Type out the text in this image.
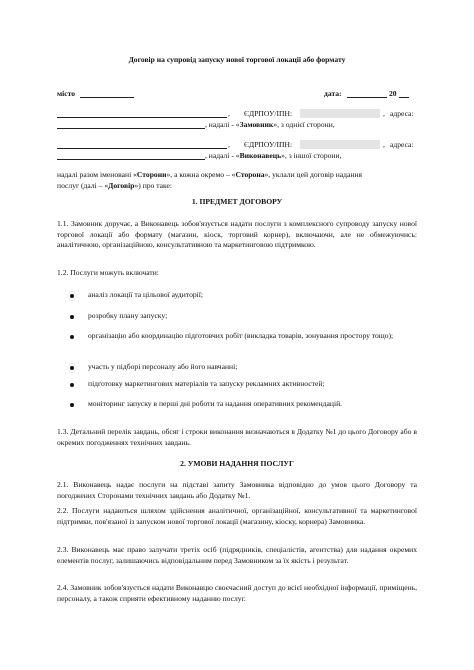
Договір на супровід запуску нової торгової локації або формату
місто	дата:	20
, ЄДРПОУ/ІПН:	, адреса:
, надалі - «Замовник», з однієї сторони,
, ЄДРПОУ/ІПН:	, адреса:
, надалі - «Виконавець», з іншої сторони,
надалі разом іменовані «Сторони», а кожна окремо – «Сторона», уклали цей договір надання
послуг (далі – «Договір») про таке:
1. ПРЕДМЕТ ДОГОВОРУ
1.1. Замовник доручає, а Виконавець зобов'язується надати послуги з комплексного супроводу запуску нової торгової локації або формату (магазин, кіоск, торговий корнер), включаючи, але не обмежуючись: аналітичною, організаційною, консультативною та маркетинговою підтримкою.
1.2. Послуги можуть включати:
аналіз локації та цільової аудиторії;
розробку плану запуску;
організацію або координацію підготовчих робіт (викладка товарів, зонування простору тощо);
участь у підборі персоналу або його навчанні;
підготовку маркетингових матеріалів та запуску рекламних активностей;
моніторинг запуску в перші дні роботи та надання оперативних рекомендацій.
1.3. Детальний перелік завдань, обсяг і строки виконання визначаються в Додатку №1 до цього Договору або в окремих погодженнях технічних завдань.
2. УМОВИ НАДАННЯ ПОСЛУГ
2.1. Виконавець надає послуги на підставі запиту Замовника відповідно до умов цього Договору та погоджених Сторонами технічних завдань або Додатку №1.
2.2. Послуги надаються шляхом здійснення аналітичної, організаційної, консультативної та маркетингової підтримки, пов'язаної із запуском нової торгової локації (магазину, кіоску, корнера) Замовника.
2.3. Виконавець має право залучати третіх осіб (підрядників, спеціалістів, агентства) для надання окремих елементів послуг, залишаючись відповідальним перед Замовником за їх якість і результат.
2.4. Замовник зобов'язується надати Виконавцю своєчасний доступ до всієї необхідної інформації, приміщень, персоналу, а також сприяти ефективному наданню послуг.
